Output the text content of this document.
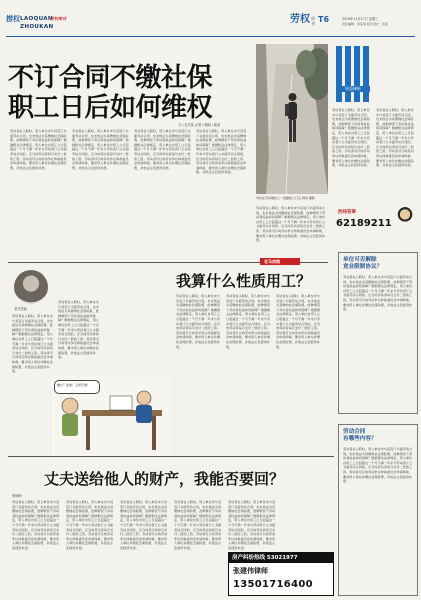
捞权 LAOQUAN
ZHOUKAN
劳权周刊	劳权 周刊 T6	2019年11月27日 星期三
责任编辑：李某某 版式设计：张某
不订合同不缴社保
职工日后如何维权
文 / 孔庆某 记者 / 韩丽 / 新某
劳动者在入职时，用人单位未与其签订书面劳动合同，也未依法为其缴纳社会保险费，此种情况下劳动者权益如何保障？根据相关法律规定，用人单位自用工之日起超过一个月不满一年未与劳动者订立书面劳动合同的，应当向劳动者每月支付二倍的工资。劳动者可以向劳动争议仲裁委员会申请仲裁，要求用人单位补缴社会保险费，并依法主张经济补偿。
劳动者在入职时，用人单位未与其签订书面劳动合同，也未依法为其缴纳社会保险费，此种情况下劳动者权益如何保障？根据相关法律规定，用人单位自用工之日起超过一个月不满一年未与劳动者订立书面劳动合同的，应当向劳动者每月支付二倍的工资。劳动者可以向劳动争议仲裁委员会申请仲裁，要求用人单位补缴社会保险费，并依法主张经济补偿。
劳动者在入职时，用人单位未与其签订书面劳动合同，也未依法为其缴纳社会保险费，此种情况下劳动者权益如何保障？根据相关法律规定，用人单位自用工之日起超过一个月不满一年未与劳动者订立书面劳动合同的，应当向劳动者每月支付二倍的工资。劳动者可以向劳动争议仲裁委员会申请仲裁，要求用人单位补缴社会保险费，并依法主张经济补偿。
劳动者在入职时，用人单位未与其签订书面劳动合同，也未依法为其缴纳社会保险费，此种情况下劳动者权益如何保障？根据相关法律规定，用人单位自用工之日起超过一个月不满一年未与劳动者订立书面劳动合同的，应当向劳动者每月支付二倍的工资。劳动者可以向劳动争议仲裁委员会申请仲裁，要求用人单位补缴社会保险费，并依法主张经济补偿。
市民在劳动维权上一段路程上行走 韩某 摄影
权益倾听
劳动者在入职时，用人单位未与其签订书面劳动合同，也未依法为其缴纳社会保险费，此种情况下劳动者权益如何保障？根据相关法律规定，用人单位自用工之日起超过一个月不满一年未与劳动者订立书面劳动合同的，应当向劳动者每月支付二倍的工资。劳动者可以向劳动争议仲裁委员会申请仲裁，要求用人单位补缴社会保险费，并依法主张经济补偿。
劳动者在入职时，用人单位未与其签订书面劳动合同，也未依法为其缴纳社会保险费，此种情况下劳动者权益如何保障？根据相关法律规定，用人单位自用工之日起超过一个月不满一年未与劳动者订立书面劳动合同的，应当向劳动者每月支付二倍的工资。劳动者可以向劳动争议仲裁委员会申请仲裁，要求用人单位补缴社会保险费，并依法主张经济补偿。
劳动者在入职时，用人单位未与其签订书面劳动合同，也未依法为其缴纳社会保险费，此种情况下劳动者权益如何保障？根据相关法律规定，用人单位自用工之日起超过一个月不满一年未与劳动者订立书面劳动合同的，应当向劳动者每月支付二倍的工资。劳动者可以向劳动争议仲裁委员会申请仲裁，要求用人单位补缴社会保险费，并依法主张经济补偿。
老马信箱
我算什么性质用工？
老马答疑
劳动者在入职时，用人单位未与其签订书面劳动合同，也未依法为其缴纳社会保险费，此种情况下劳动者权益如何保障？根据相关法律规定，用人单位自用工之日起超过一个月不满一年未与劳动者订立书面劳动合同的，应当向劳动者每月支付二倍的工资。劳动者可以向劳动争议仲裁委员会申请仲裁，要求用人单位补缴社会保险费，并依法主张经济补偿。
劳动者在入职时，用人单位未与其签订书面劳动合同，也未依法为其缴纳社会保险费，此种情况下劳动者权益如何保障？根据相关法律规定，用人单位自用工之日起超过一个月不满一年未与劳动者订立书面劳动合同的，应当向劳动者每月支付二倍的工资。劳动者可以向劳动争议仲裁委员会申请仲裁，要求用人单位补缴社会保险费，并依法主张经济补偿。
劳动者在入职时，用人单位未与其签订书面劳动合同，也未依法为其缴纳社会保险费，此种情况下劳动者权益如何保障？根据相关法律规定，用人单位自用工之日起超过一个月不满一年未与劳动者订立书面劳动合同的，应当向劳动者每月支付二倍的工资。劳动者可以向劳动争议仲裁委员会申请仲裁，要求用人单位补缴社会保险费，并依法主张经济补偿。
劳动者在入职时，用人单位未与其签订书面劳动合同，也未依法为其缴纳社会保险费，此种情况下劳动者权益如何保障？根据相关法律规定，用人单位自用工之日起超过一个月不满一年未与劳动者订立书面劳动合同的，应当向劳动者每月支付二倍的工资。劳动者可以向劳动争议仲裁委员会申请仲裁，要求用人单位补缴社会保险费，并依法主张经济补偿。
劳动者在入职时，用人单位未与其签订书面劳动合同，也未依法为其缴纳社会保险费，此种情况下劳动者权益如何保障？根据相关法律规定，用人单位自用工之日起超过一个月不满一年未与劳动者订立书面劳动合同的，应当向劳动者每月支付二倍的工资。劳动者可以向劳动争议仲裁委员会申请仲裁，要求用人单位补缴社会保险费，并依法主张经济补偿。
嫌少？拒绝！合同无效！
热线答事
62189211
单位可否解除
竞业限制协议？
劳动者在入职时，用人单位未与其签订书面劳动合同，也未依法为其缴纳社会保险费，此种情况下劳动者权益如何保障？根据相关法律规定，用人单位自用工之日起超过一个月不满一年未与劳动者订立书面劳动合同的，应当向劳动者每月支付二倍的工资。劳动者可以向劳动争议仲裁委员会申请仲裁，要求用人单位补缴社会保险费，并依法主张经济补偿。
劳动合同
有哪些内容？
劳动者在入职时，用人单位未与其签订书面劳动合同，也未依法为其缴纳社会保险费，此种情况下劳动者权益如何保障？根据相关法律规定，用人单位自用工之日起超过一个月不满一年未与劳动者订立书面劳动合同的，应当向劳动者每月支付二倍的工资。劳动者可以向劳动争议仲裁委员会申请仲裁，要求用人单位补缴社会保险费，并依法主张经济补偿。
丈夫送给他人的财产，我能否要回？
张律师
劳动者在入职时，用人单位未与其签订书面劳动合同，也未依法为其缴纳社会保险费，此种情况下劳动者权益如何保障？根据相关法律规定，用人单位自用工之日起超过一个月不满一年未与劳动者订立书面劳动合同的，应当向劳动者每月支付二倍的工资。劳动者可以向劳动争议仲裁委员会申请仲裁，要求用人单位补缴社会保险费，并依法主张经济补偿。
劳动者在入职时，用人单位未与其签订书面劳动合同，也未依法为其缴纳社会保险费，此种情况下劳动者权益如何保障？根据相关法律规定，用人单位自用工之日起超过一个月不满一年未与劳动者订立书面劳动合同的，应当向劳动者每月支付二倍的工资。劳动者可以向劳动争议仲裁委员会申请仲裁，要求用人单位补缴社会保险费，并依法主张经济补偿。
劳动者在入职时，用人单位未与其签订书面劳动合同，也未依法为其缴纳社会保险费，此种情况下劳动者权益如何保障？根据相关法律规定，用人单位自用工之日起超过一个月不满一年未与劳动者订立书面劳动合同的，应当向劳动者每月支付二倍的工资。劳动者可以向劳动争议仲裁委员会申请仲裁，要求用人单位补缴社会保险费，并依法主张经济补偿。
劳动者在入职时，用人单位未与其签订书面劳动合同，也未依法为其缴纳社会保险费，此种情况下劳动者权益如何保障？根据相关法律规定，用人单位自用工之日起超过一个月不满一年未与劳动者订立书面劳动合同的，应当向劳动者每月支付二倍的工资。劳动者可以向劳动争议仲裁委员会申请仲裁，要求用人单位补缴社会保险费，并依法主张经济补偿。
劳动者在入职时，用人单位未与其签订书面劳动合同，也未依法为其缴纳社会保险费，此种情况下劳动者权益如何保障？根据相关法律规定，用人单位自用工之日起超过一个月不满一年未与劳动者订立书面劳动合同的，应当向劳动者每月支付二倍的工资。劳动者可以向劳动争议仲裁委员会申请仲裁，要求用人单位补缴社会保险费，并依法主张经济补偿。
房产纠纷热线 53021977
张建伟律师
13501716400
